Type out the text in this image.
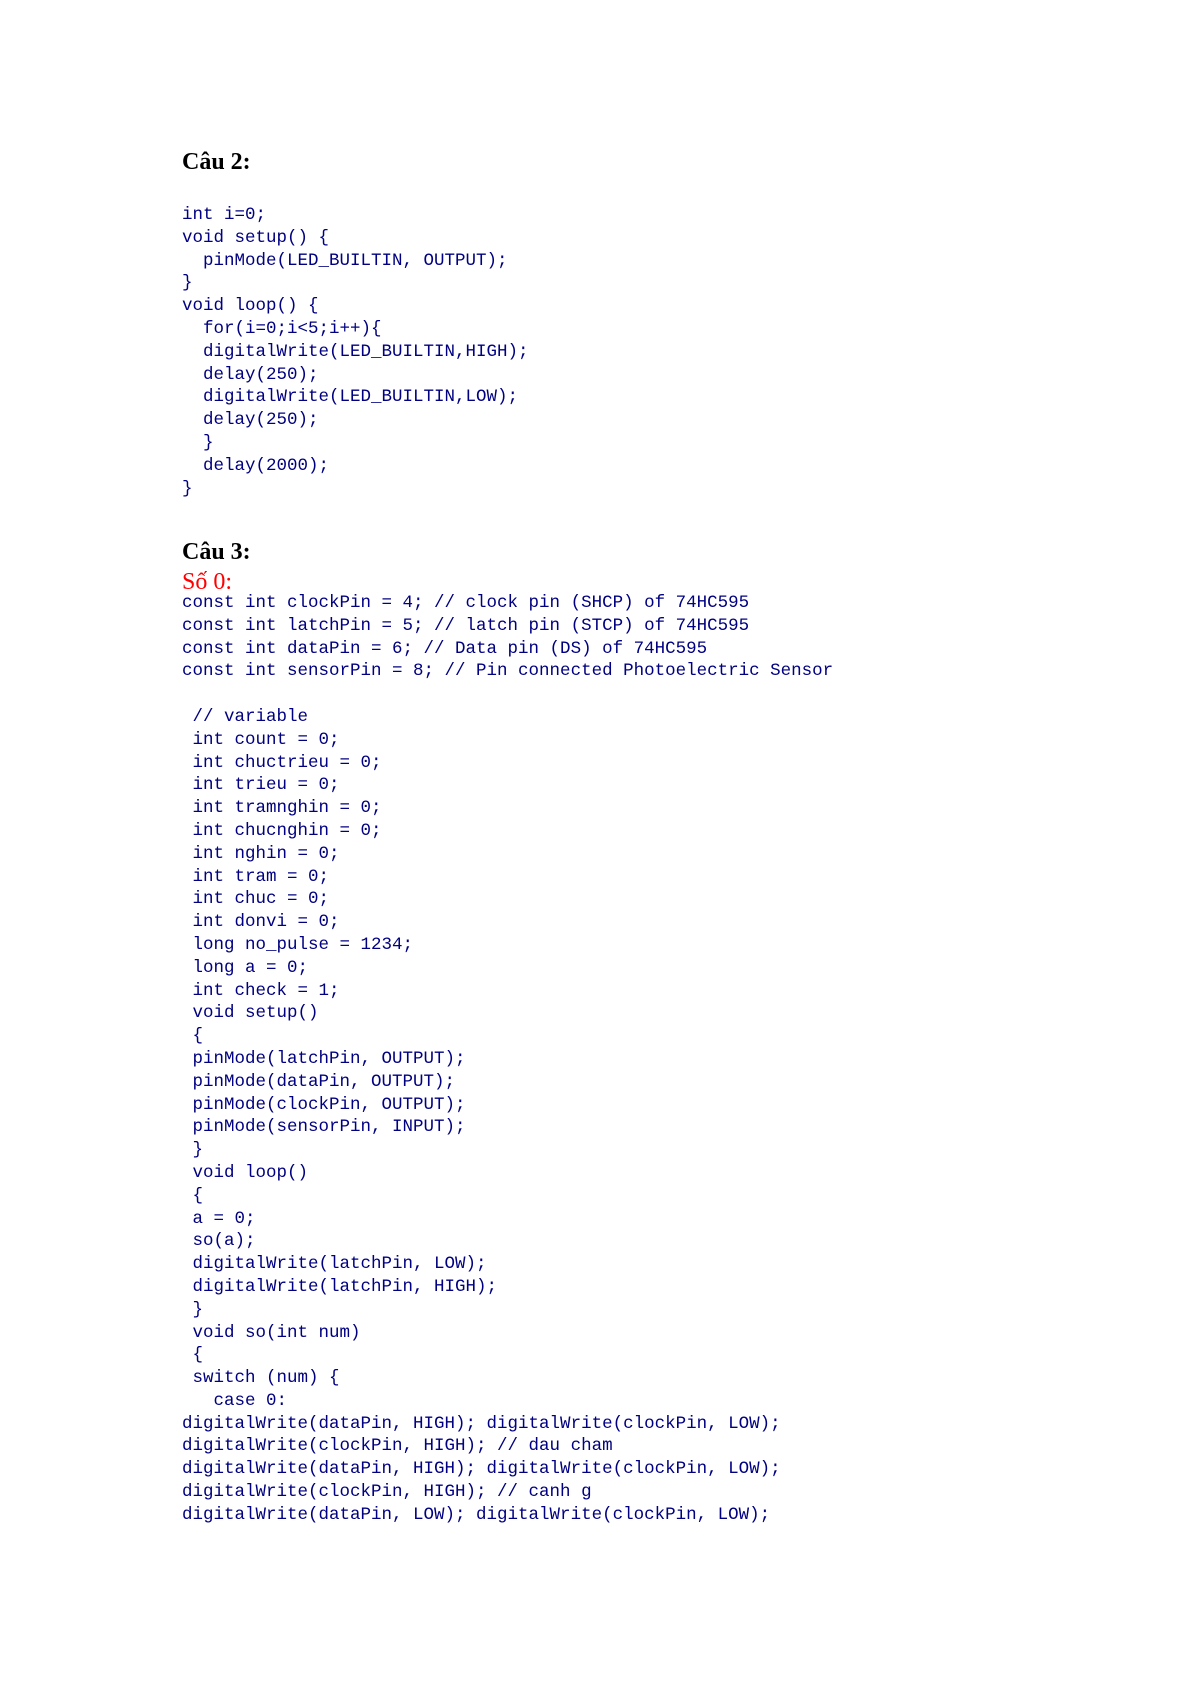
Câu 2:
int i=0;
void setup() {
pinMode(LED_BUILTIN, OUTPUT);
}
void loop() {
for(i=0;i<5;i++){
digitalWrite(LED_BUILTIN,HIGH);
delay(250);
digitalWrite(LED_BUILTIN,LOW);
delay(250);
}
delay(2000);
}
Câu 3:
Số 0:
const int clockPin = 4; // clock pin (SHCP) of 74HC595
const int latchPin = 5; // latch pin (STCP) of 74HC595
const int dataPin = 6; // Data pin (DS) of 74HC595
const int sensorPin = 8; // Pin connected Photoelectric Sensor
// variable
int count = 0;
int chuctrieu = 0;
int trieu = 0;
int tramnghin = 0;
int chucnghin = 0;
int nghin = 0;
int tram = 0;
int chuc = 0;
int donvi = 0;
long no_pulse = 1234;
long a = 0;
int check = 1;
void setup()
{
pinMode(latchPin, OUTPUT);
pinMode(dataPin, OUTPUT);
pinMode(clockPin, OUTPUT);
pinMode(sensorPin, INPUT);
}
void loop()
{
a = 0;
so(a);
digitalWrite(latchPin, LOW);
digitalWrite(latchPin, HIGH);
}
void so(int num)
{
switch (num) {
case 0:
digitalWrite(dataPin, HIGH); digitalWrite(clockPin, LOW);
digitalWrite(clockPin, HIGH); // dau cham
digitalWrite(dataPin, HIGH); digitalWrite(clockPin, LOW);
digitalWrite(clockPin, HIGH); // canh g
digitalWrite(dataPin, LOW); digitalWrite(clockPin, LOW);
